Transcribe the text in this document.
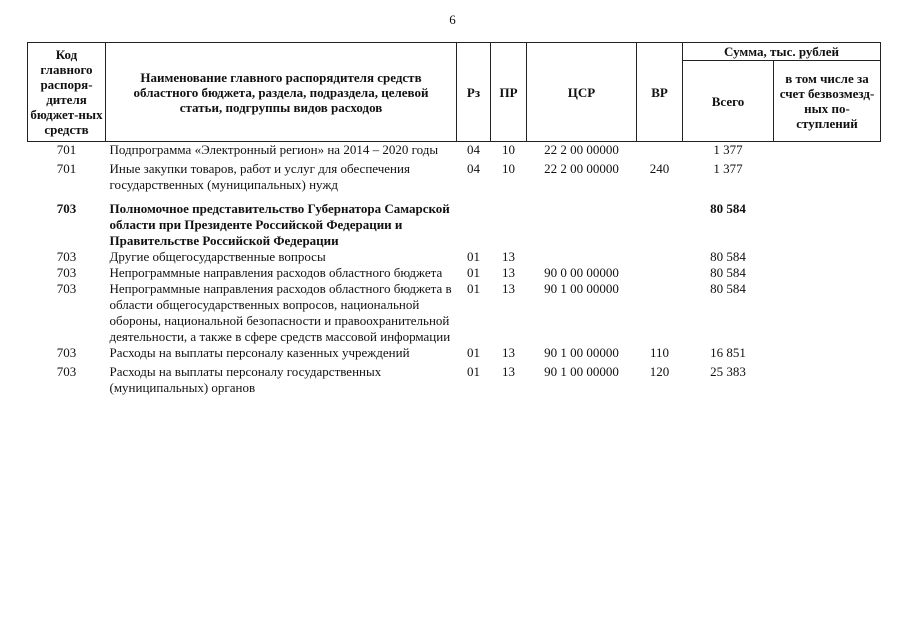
6
Код главного распоря-дителя бюджет-ных средств	Наименование главного распорядителя средств областного бюджета, раздела, подраздела, целевой статьи, подгруппы видов расходов	Рз	ПР	ЦСР	ВР	Сумма, тыс. рублей	
						Всего	в том числе за счет безвозмезд-ных по-ступлений
701	Подпрограмма «Электронный регион» на 2014 – 2020 годы	04	10	22 2 00 00000		1 377	
701	Иные закупки товаров, работ и услуг для обеспечения государственных (муниципальных) нужд	04	10	22 2 00 00000	240	1 377	
703	Полномочное представительство Губернатора Самарской области при Президенте Российской Федерации и Правительстве Российской Федерации					80 584	
703	Другие общегосударственные вопросы	01	13			80 584	
703	Непрограммные направления расходов областного бюджета	01	13	90 0 00 00000		80 584	
703	Непрограммные направления расходов областного бюджета в области общегосударственных вопросов, национальной обороны, национальной безопасности и правоохранительной деятельности, а также в сфере средств массовой информации	01	13	90 1 00 00000		80 584	
703	Расходы на выплаты персоналу казенных учреждений	01	13	90 1 00 00000	110	16 851	
703	Расходы на выплаты персоналу государственных (муниципальных) органов	01	13	90 1 00 00000	120	25 383	
